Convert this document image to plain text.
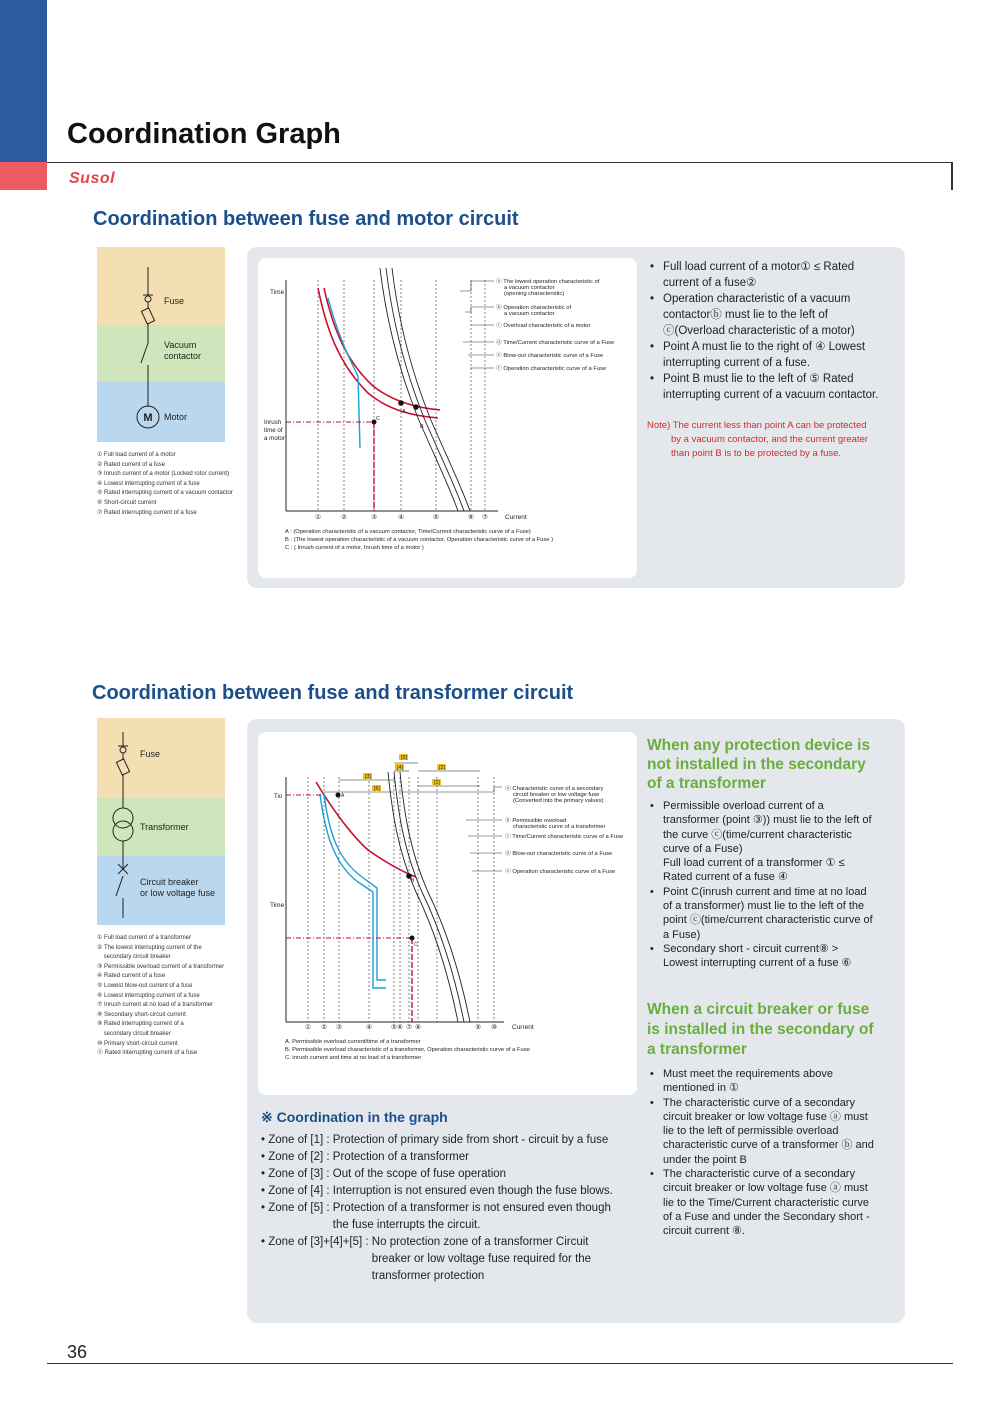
Coordination Graph
Susol
Coordination between fuse and motor circuit
M
Fuse
Vacuum
contactor
Motor
① Full load current of a motor
② Rated current of a fuse
③ Inrush current of a motor (Locked rotor current)
④ Lowest interrupting current of a fuse
⑤ Rated interrupting current of a vacuum contactor
⑥ Short-circuit current
⑦ Rated interrupting current of a fuse
Time
Inrush
time of
a motor
C
A
B
ⓐ The lowest operation characteristic of
a vacuum contactor
(opening characteristic)
ⓑ Operation characteristic of
a vacuum contactor
ⓒ Overload characteristic of a motor
ⓓ Time/Current characteristic curve of a Fuse
ⓔ Blow-out characteristic curve of a Fuse
ⓕ Operation characteristic curve of a Fuse
①	②	③	④	⑤	⑥ ⑦	Current
A : (Operation characteristic of a vacuum contactor, Time/Current characteristic curve of a Fuse)
B : (The lowest operation characteristic of a vacuum contactor, Operation characteristic curve of a Fuse )
C : ( Inrush current of a motor, Inrush time of a motor )
• Full load current of a motor① ≤ Rated
current of a fuse②
• Operation characteristic of a vacuum
contactorⓑ must lie to the left of
ⓒ(Overload characteristic of a motor)
• Point A must lie to the right of ④ Lowest
interrupting current of a fuse.
• Point B must lie to the left of ⑤ Rated
interrupting current of a vacuum contactor.
Note) The current less than point A can be protected
by a vacuum contactor, and the current greater
than point B is to be protected by a fuse.
Coordination between fuse and transformer circuit
Fuse
Transformer
Circuit breaker
or low voltage fuse
① Full load current of a transformer
② The lowest interrupting current of the
secondary circuit breaker
③ Permissible overload current of a transformer
④ Rated current of a fuse
⑤ Lowest blow-out current of a fuse
⑥ Lowest interrupting current of a fuse
⑦ Inrush current at no load of a transformer
⑧ Secondary short-circuit current
⑨ Rated interrupting current of a
secondary circuit breaker
⑩ Primary short-circuit current
⑪ Rated interrupting current of a fuse
[5]
[4]	[2]
[3]
[1]
[6]
Tio
Time
A
B
C
ⓐ Characteristic curve of a secondary
circuit breaker or low voltage fuse
(Converted into the primary values)
ⓑ Permissible overload
characteristic curve of a transformer
ⓒ Time/Current characteristic curve of a Fuse
ⓓ Blow-out characteristic curve of a Fuse
ⓔ Operation characteristic curve of a Fuse
① ② ③	④	⑤ ⑥ ⑦ ⑧	⑨ ⑩ Current
A. Permissible overload current/time of a transformer
B. Permissible overload characteristic of a transformer, Operation characteristic curve of a Fuse
C. inrush current and time at no load of a transformer
※ Coordination in the graph
• Zone of [1] : Protection of primary side from short - circuit by a fuse
• Zone of [2] : Protection of a transformer
• Zone of [3] : Out of the scope of fuse operation
• Zone of [4] : Interruption is not ensured even though the fuse blows.
• Zone of [5] : Protection of a transformer is not ensured even though
the fuse interrupts the circuit.
• Zone of [3]+[4]+[5] : No protection zone of a transformer Circuit
breaker or low voltage fuse required for the
transformer protection
When any protection device is
not installed in the secondary
of a transformer
• Permissible overload current of a
transformer (point ③)) must lie to the left of
the curve ⓒ(time/current characteristic
curve of a Fuse)
Full load current of a transformer ① ≤
Rated current of a fuse ④
• Point C(inrush current and time at no load
of a transformer) must lie to the left of the
point ⓒ(time/current characteristic curve of
a Fuse)
• Secondary short - circuit current⑧ >
Lowest interrupting current of a fuse ⑥
When a circuit breaker or fuse
is installed in the secondary of
a transformer
• Must meet the requirements above
mentioned in ①
• The characteristic curve of a secondary
circuit breaker or low voltage fuse ⓐ must
lie to the left of permissible overload
characteristic curve of a transformer ⓑ and
under the point B
• The characteristic curve of a secondary
circuit breaker or low voltage fuse ⓐ must
lie to the Time/Current characteristic curve
of a Fuse and under the Secondary short -
circuit current ⑧.
36
